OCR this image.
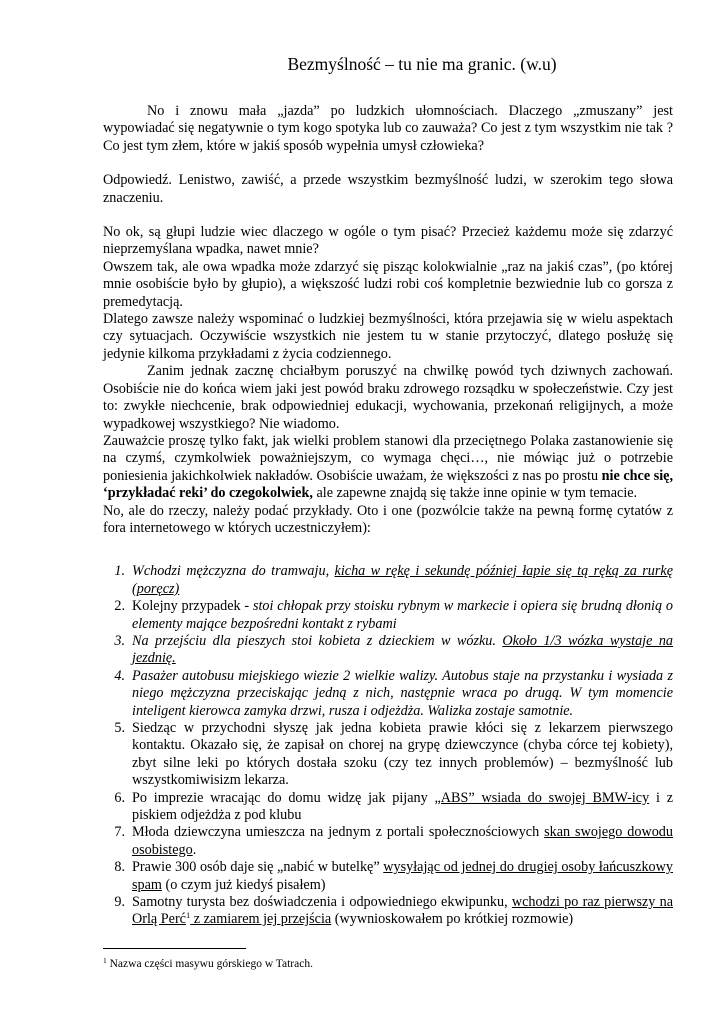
Bezmyślność – tu nie ma granic. (w.u)

No i znowu mała „jazda” po ludzkich ułomnościach. Dlaczego „zmuszany” jest wypowiadać się negatywnie o tym kogo spotyka lub co zauważa? Co jest z tym wszystkim nie tak ? Co jest tym złem, które w jakiś sposób wypełnia umysł człowieka?

Odpowiedź. Lenistwo, zawiść, a przede wszystkim bezmyślność ludzi, w szerokim tego słowa znaczeniu.

No ok, są głupi ludzie wiec dlaczego w ogóle o tym pisać? Przecież każdemu może się zdarzyć nieprzemyślana wpadka, nawet mnie?

Owszem tak, ale owa wpadka może zdarzyć się pisząc kolokwialnie „raz na jakiś czas”, (po której mnie osobiście było by głupio), a większość ludzi robi coś kompletnie bezwiednie lub co gorsza z premedytacją.

Dlatego zawsze należy wspominać o ludzkiej bezmyślności, która przejawia się w wielu aspektach czy sytuacjach. Oczywiście wszystkich nie jestem tu w stanie przytoczyć, dlatego posłużę się jedynie kilkoma przykładami z życia codziennego.

Zanim jednak zacznę chciałbym poruszyć na chwilkę powód tych dziwnych zachowań. Osobiście nie do końca wiem jaki jest powód braku zdrowego rozsądku w społeczeństwie. Czy jest to: zwykłe niechcenie, brak odpowiedniej edukacji, wychowania, przekonań religijnych, a może wypadkowej wszystkiego? Nie wiadomo.

Zauważcie proszę tylko fakt, jak wielki problem stanowi dla przeciętnego Polaka zastanowienie się na czymś, czymkolwiek poważniejszym, co wymaga chęci…, nie mówiąc już o potrzebie poniesienia jakichkolwiek nakładów. Osobiście uważam, że większości z nas po prostu nie chce się, ‘przykładać reki’ do czegokolwiek, ale zapewne znajdą się także inne opinie w tym temacie.

No, ale do rzeczy, należy podać przykłady. Oto i one (pozwólcie także na pewną formę cytatów z fora internetowego w których uczestniczyłem):

1. Wchodzi mężczyzna do tramwaju, kicha w rękę i sekundę później łapie się tą ręką za rurkę (poręcz)
2. Kolejny przypadek - stoi chłopak przy stoisku rybnym w markecie i opiera się brudną dłonią o elementy mające bezpośredni kontakt z rybami
3. Na przejściu dla pieszych stoi kobieta z dzieckiem w wózku. Około 1/3 wózka wystaje na jezdnię.
4. Pasażer autobusu miejskiego wiezie 2 wielkie walizy. Autobus staje na przystanku i wysiada z niego mężczyzna przeciskając jedną z nich, następnie wraca po drugą. W tym momencie inteligent kierowca zamyka drzwi, rusza i odjeżdża. Walizka zostaje samotnie.
5. Siedząc w przychodni słyszę jak jedna kobieta prawie kłóci się z lekarzem pierwszego kontaktu. Okazało się, że zapisał on chorej na grypę dziewczynce (chyba córce tej kobiety), zbyt silne leki po których dostała szoku (czy tez innych problemów) – bezmyślność lub wszystkomiwisizm lekarza.
6. Po imprezie wracając do domu widzę jak pijany „ABS” wsiada do swojej BMW-icy i z piskiem odjeżdża z pod klubu
7. Młoda dziewczyna umieszcza na jednym z portali społecznościowych skan swojego dowodu osobistego.
8. Prawie 300 osób daje się „nabić w butelkę” wysyłając od jednej do drugiej osoby łańcuszkowy spam (o czym już kiedyś pisałem)
9. Samotny turysta bez doświadczenia i odpowiedniego ekwipunku, wchodzi po raz pierwszy na Orlą Perć$^1$ z zamiarem jej przejścia (wywnioskowałem po krótkiej rozmowie)
$^1$ Nazwa części masywu górskiego w Tatrach.
